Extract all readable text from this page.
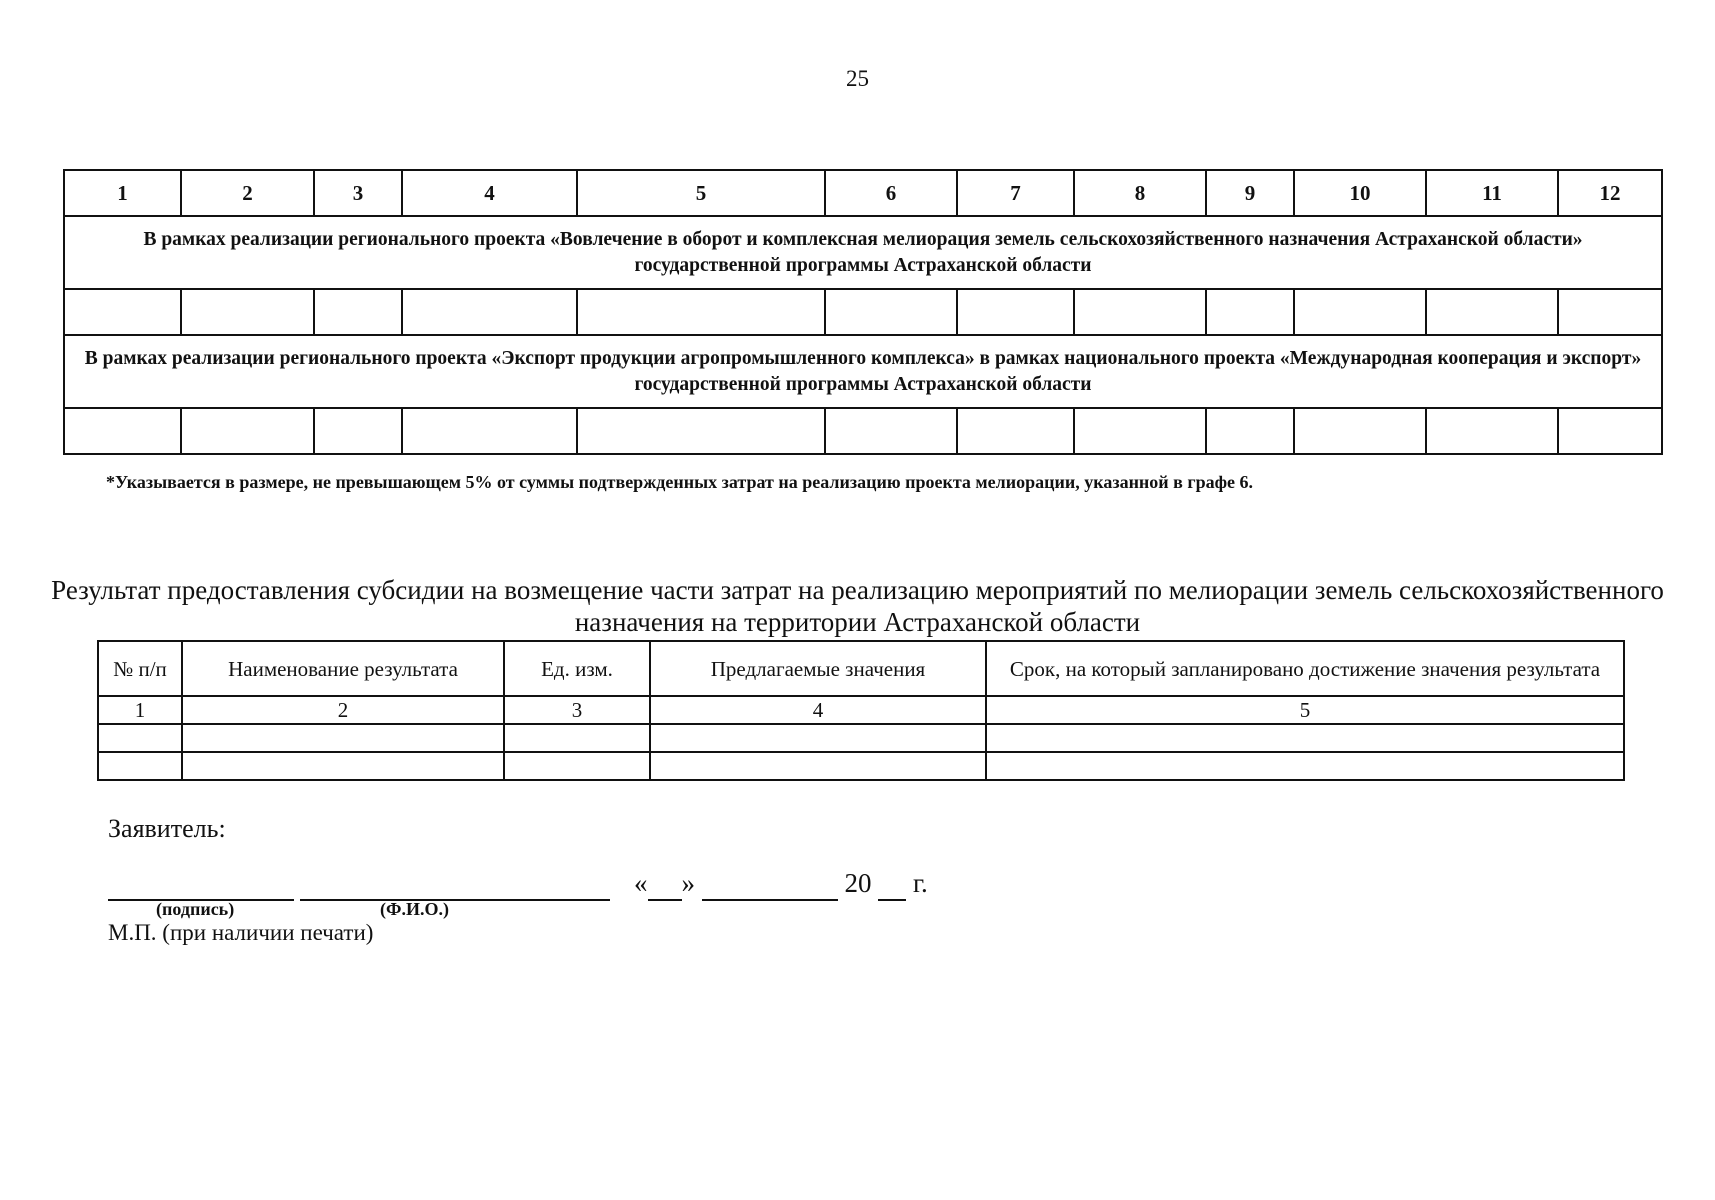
25
1	2	3	4	5	6	7	8	9	10	11	12
В рамках реализации регионального проекта «Вовлечение в оборот и комплексная мелиорация земель сельскохозяйственного назначения Астраханской области» государственной программы Астраханской области											

В рамках реализации регионального проекта «Экспорт продукции агропромышленного комплекса» в рамках национального проекта «Международная кооперация и экспорт» государственной программы Астраханской области											

*Указывается в размере, не превышающем 5% от суммы подтвержденных затрат на реализацию проекта мелиорации, указанной в графе 6.
Результат предоставления субсидии на возмещение части затрат на реализацию мероприятий по мелиорации земель сельскохозяйственного назначения на территории Астраханской области
№ п/п	Наименование результата	Ед. изм.	Предлагаемые значения	Срок, на который запланировано достижение значения результата
1	2	3	4	5

Заявитель:

« »	20 г.
(подпись)	(Ф.И.О.)
М.П. (при наличии печати)
